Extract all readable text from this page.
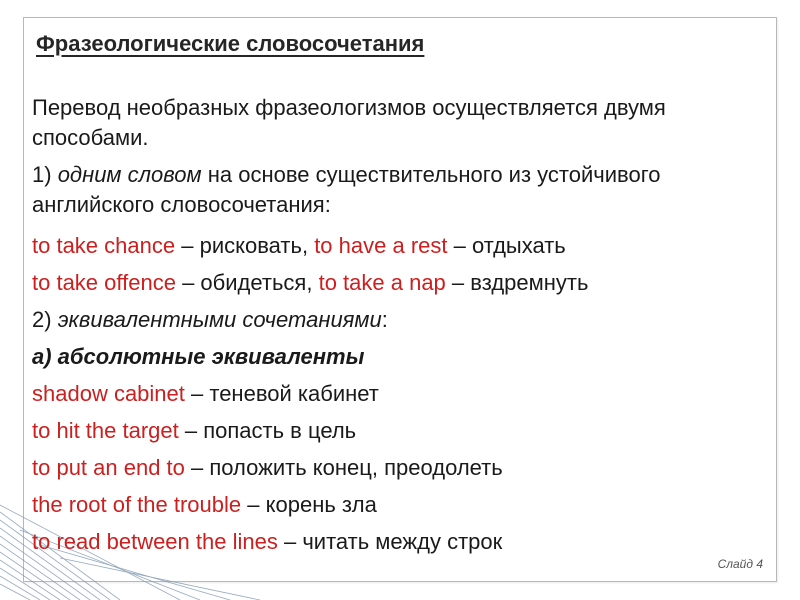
Фразеологические словосочетания

Перевод необразных фразеологизмов осуществляется двумя способами.

1) одним словом на основе существительного из устойчивого английского словосочетания:

to take chance – рисковать, to have a rest – отдыхать

to take offence – обидеться, to take a nap – вздремнуть

2) эквивалентными сочетаниями:

а) абсолютные эквиваленты

shadow cabinet – теневой кабинет

to hit the target – попасть в цель

to put an end to – положить конец, преодолеть

the root of the trouble – корень зла

to read between the lines – читать между строк

Слайд 4
